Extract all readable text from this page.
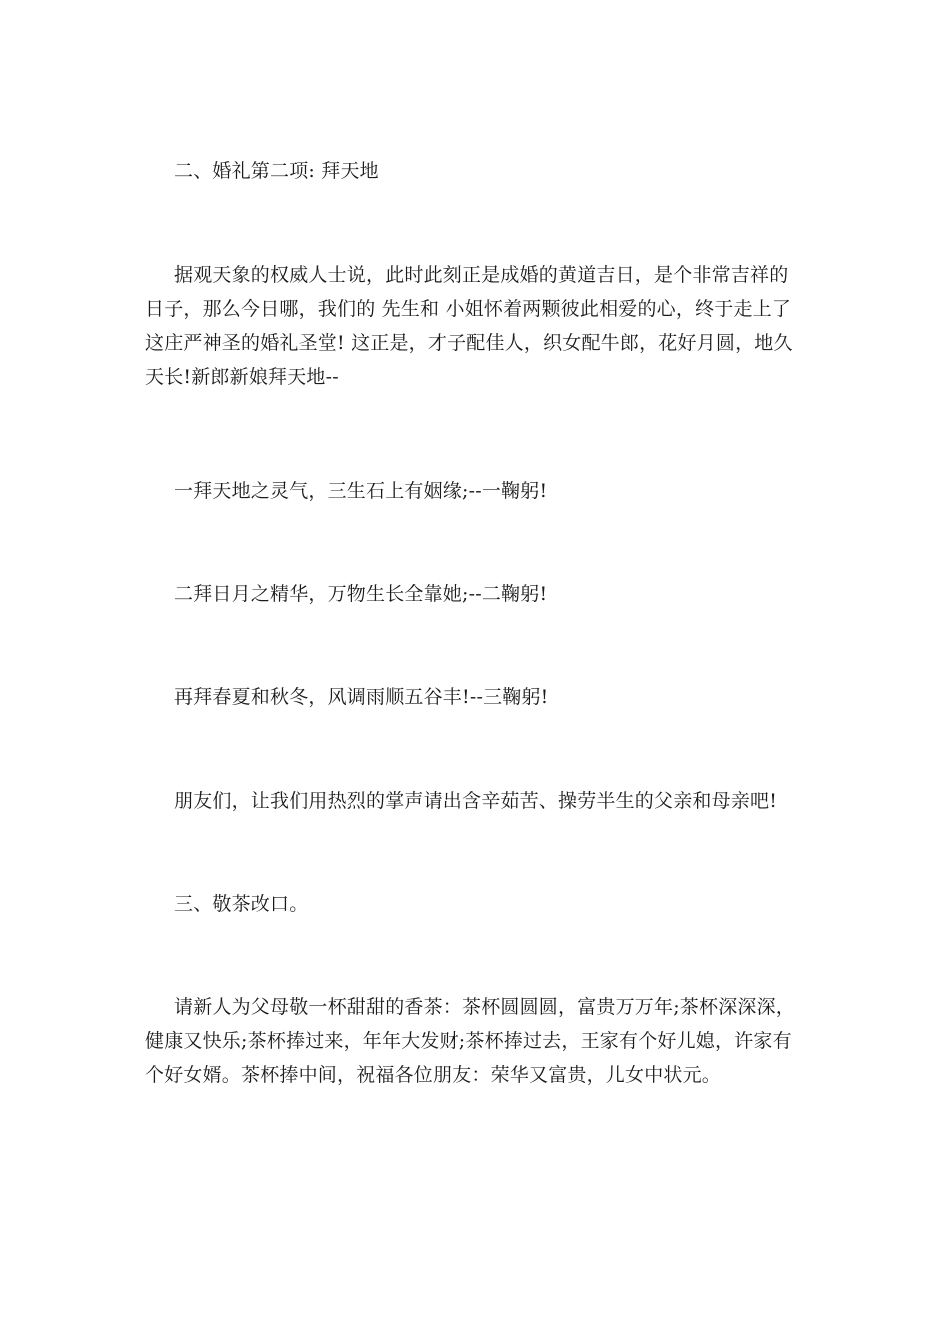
二、婚礼第二项: 拜天地

据观天象的权威人士说，此时此刻正是成婚的黄道吉日，是个非常吉祥的日子，那么今日哪，我们的 先生和 小姐怀着两颗彼此相爱的心，终于走上了这庄严神圣的婚礼圣堂! 这正是，才子配佳人，织女配牛郎，花好月圆，地久天长!新郎新娘拜天地--

一拜天地之灵气，三生石上有姻缘;--一鞠躬!

二拜日月之精华，万物生长全靠她;--二鞠躬!

再拜春夏和秋冬，风调雨顺五谷丰!--三鞠躬!

朋友们，让我们用热烈的掌声请出含辛茹苦、操劳半生的父亲和母亲吧!

三、敬茶改口。

请新人为父母敬一杯甜甜的香茶：茶杯圆圆圆，富贵万万年;茶杯深深深，健康又快乐;茶杯捧过来，年年大发财;茶杯捧过去，王家有个好儿媳，许家有个好女婿。茶杯捧中间，祝福各位朋友：荣华又富贵，儿女中状元。
